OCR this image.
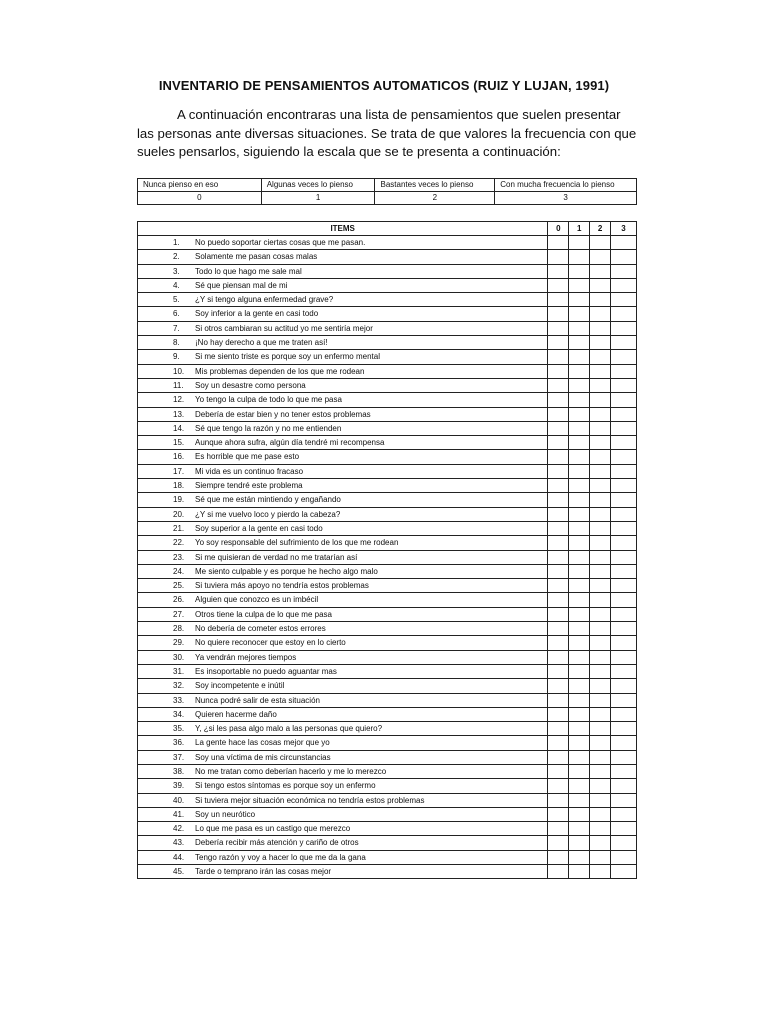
INVENTARIO DE PENSAMIENTOS AUTOMATICOS (RUIZ Y LUJAN, 1991)
A continuación encontraras una lista de pensamientos que suelen presentar las personas ante diversas situaciones. Se trata de que valores la frecuencia con que sueles pensarlos, siguiendo la escala que se te presenta a continuación:
Nunca pienso en eso	Algunas veces lo pienso	Bastantes veces lo pienso	Con mucha frecuencia lo pienso
0	1	2	3
ITEMS	0	1	2	3
1. No puedo soportar ciertas cosas que me pasan.				
2. Solamente me pasan cosas malas				
3. Todo lo que hago me sale mal				
4. Sé que piensan mal de mi				
5. ¿Y si tengo alguna enfermedad grave?				
6. Soy inferior a la gente en casi todo				
7. Si otros cambiaran su actitud yo me sentiría mejor				
8. ¡No hay derecho a que me traten así!				
9. Si me siento triste es porque soy un enfermo mental				
10. Mis problemas dependen de los que me rodean				
11. Soy un desastre como persona				
12. Yo tengo la culpa de todo lo que me pasa				
13. Debería de estar bien y no tener estos problemas				
14. Sé que tengo la razón y no me entienden				
15. Aunque ahora sufra, algún día tendré mi recompensa				
16. Es horrible que me pase esto				
17. Mi vida es un continuo fracaso				
18. Siempre tendré este problema				
19. Sé que me están mintiendo y engañando				
20. ¿Y si me vuelvo loco y pierdo la cabeza?				
21. Soy superior a la gente en casi todo				
22. Yo soy responsable del sufrimiento de los que me rodean				
23. Si me quisieran de verdad no me tratarían así				
24. Me siento culpable y es porque he hecho algo malo				
25. Si tuviera más apoyo no tendría estos problemas				
26. Alguien que conozco es un imbécil				
27. Otros tiene la culpa de lo que me pasa				
28. No debería de cometer estos errores				
29. No quiere reconocer que estoy en lo cierto				
30. Ya vendrán mejores tiempos				
31. Es insoportable no puedo aguantar mas				
32. Soy incompetente e inútil				
33. Nunca podré salir de esta situación				
34. Quieren hacerme daño				
35. Y, ¿si les pasa algo malo a las personas que quiero?				
36. La gente hace las cosas mejor que yo				
37. Soy una víctima de mis circunstancias				
38. No me tratan como deberían hacerlo y me lo merezco				
39. Si tengo estos síntomas es porque soy un enfermo				
40. Si tuviera mejor situación económica no tendría estos problemas				
41. Soy un neurótico				
42. Lo que me pasa es un castigo que merezco				
43. Debería recibir más atención y cariño de otros				
44. Tengo razón y voy a hacer lo que me da la gana				
45. Tarde o temprano irán las cosas mejor				
